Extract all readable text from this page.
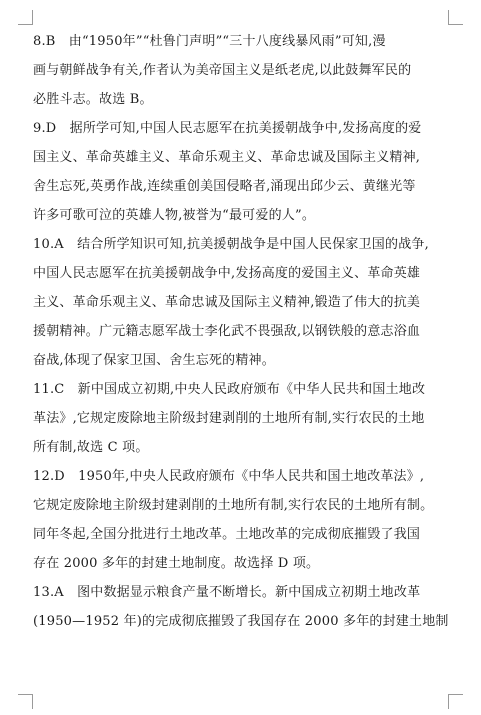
8.B　由“1950年”“杜鲁门声明”“三十八度线暴风雨”可知,漫
画与朝鲜战争有关,作者认为美帝国主义是纸老虎,以此鼓舞军民的
必胜斗志。故选 B。

9.D　据所学可知,中国人民志愿军在抗美援朝战争中,发扬高度的爱
国主义、革命英雄主义、革命乐观主义、革命忠诚及国际主义精神,
舍生忘死,英勇作战,连续重创美国侵略者,涌现出邱少云、黄继光等
许多可歌可泣的英雄人物,被誉为“最可爱的人”。

10.A　结合所学知识可知,抗美援朝战争是中国人民保家卫国的战争,
中国人民志愿军在抗美援朝战争中,发扬高度的爱国主义、革命英雄
主义、革命乐观主义、革命忠诚及国际主义精神,锻造了伟大的抗美
援朝精神。广元籍志愿军战士李化武不畏强敌,以钢铁般的意志浴血
奋战,体现了保家卫国、舍生忘死的精神。

11.C　新中国成立初期,中央人民政府颁布《中华人民共和国土地改
革法》,它规定废除地主阶级封建剥削的土地所有制,实行农民的土地
所有制,故选 C 项。

12.D　1950年,中央人民政府颁布《中华人民共和国土地改革法》,
它规定废除地主阶级封建剥削的土地所有制,实行农民的土地所有制。
同年冬起,全国分批进行土地改革。土地改革的完成彻底摧毁了我国
存在 2000 多年的封建土地制度。故选择 D 项。

13.A　图中数据显示粮食产量不断增长。新中国成立初期土地改革
(1950—1952 年)的完成彻底摧毁了我国存在 2000 多年的封建土地制
